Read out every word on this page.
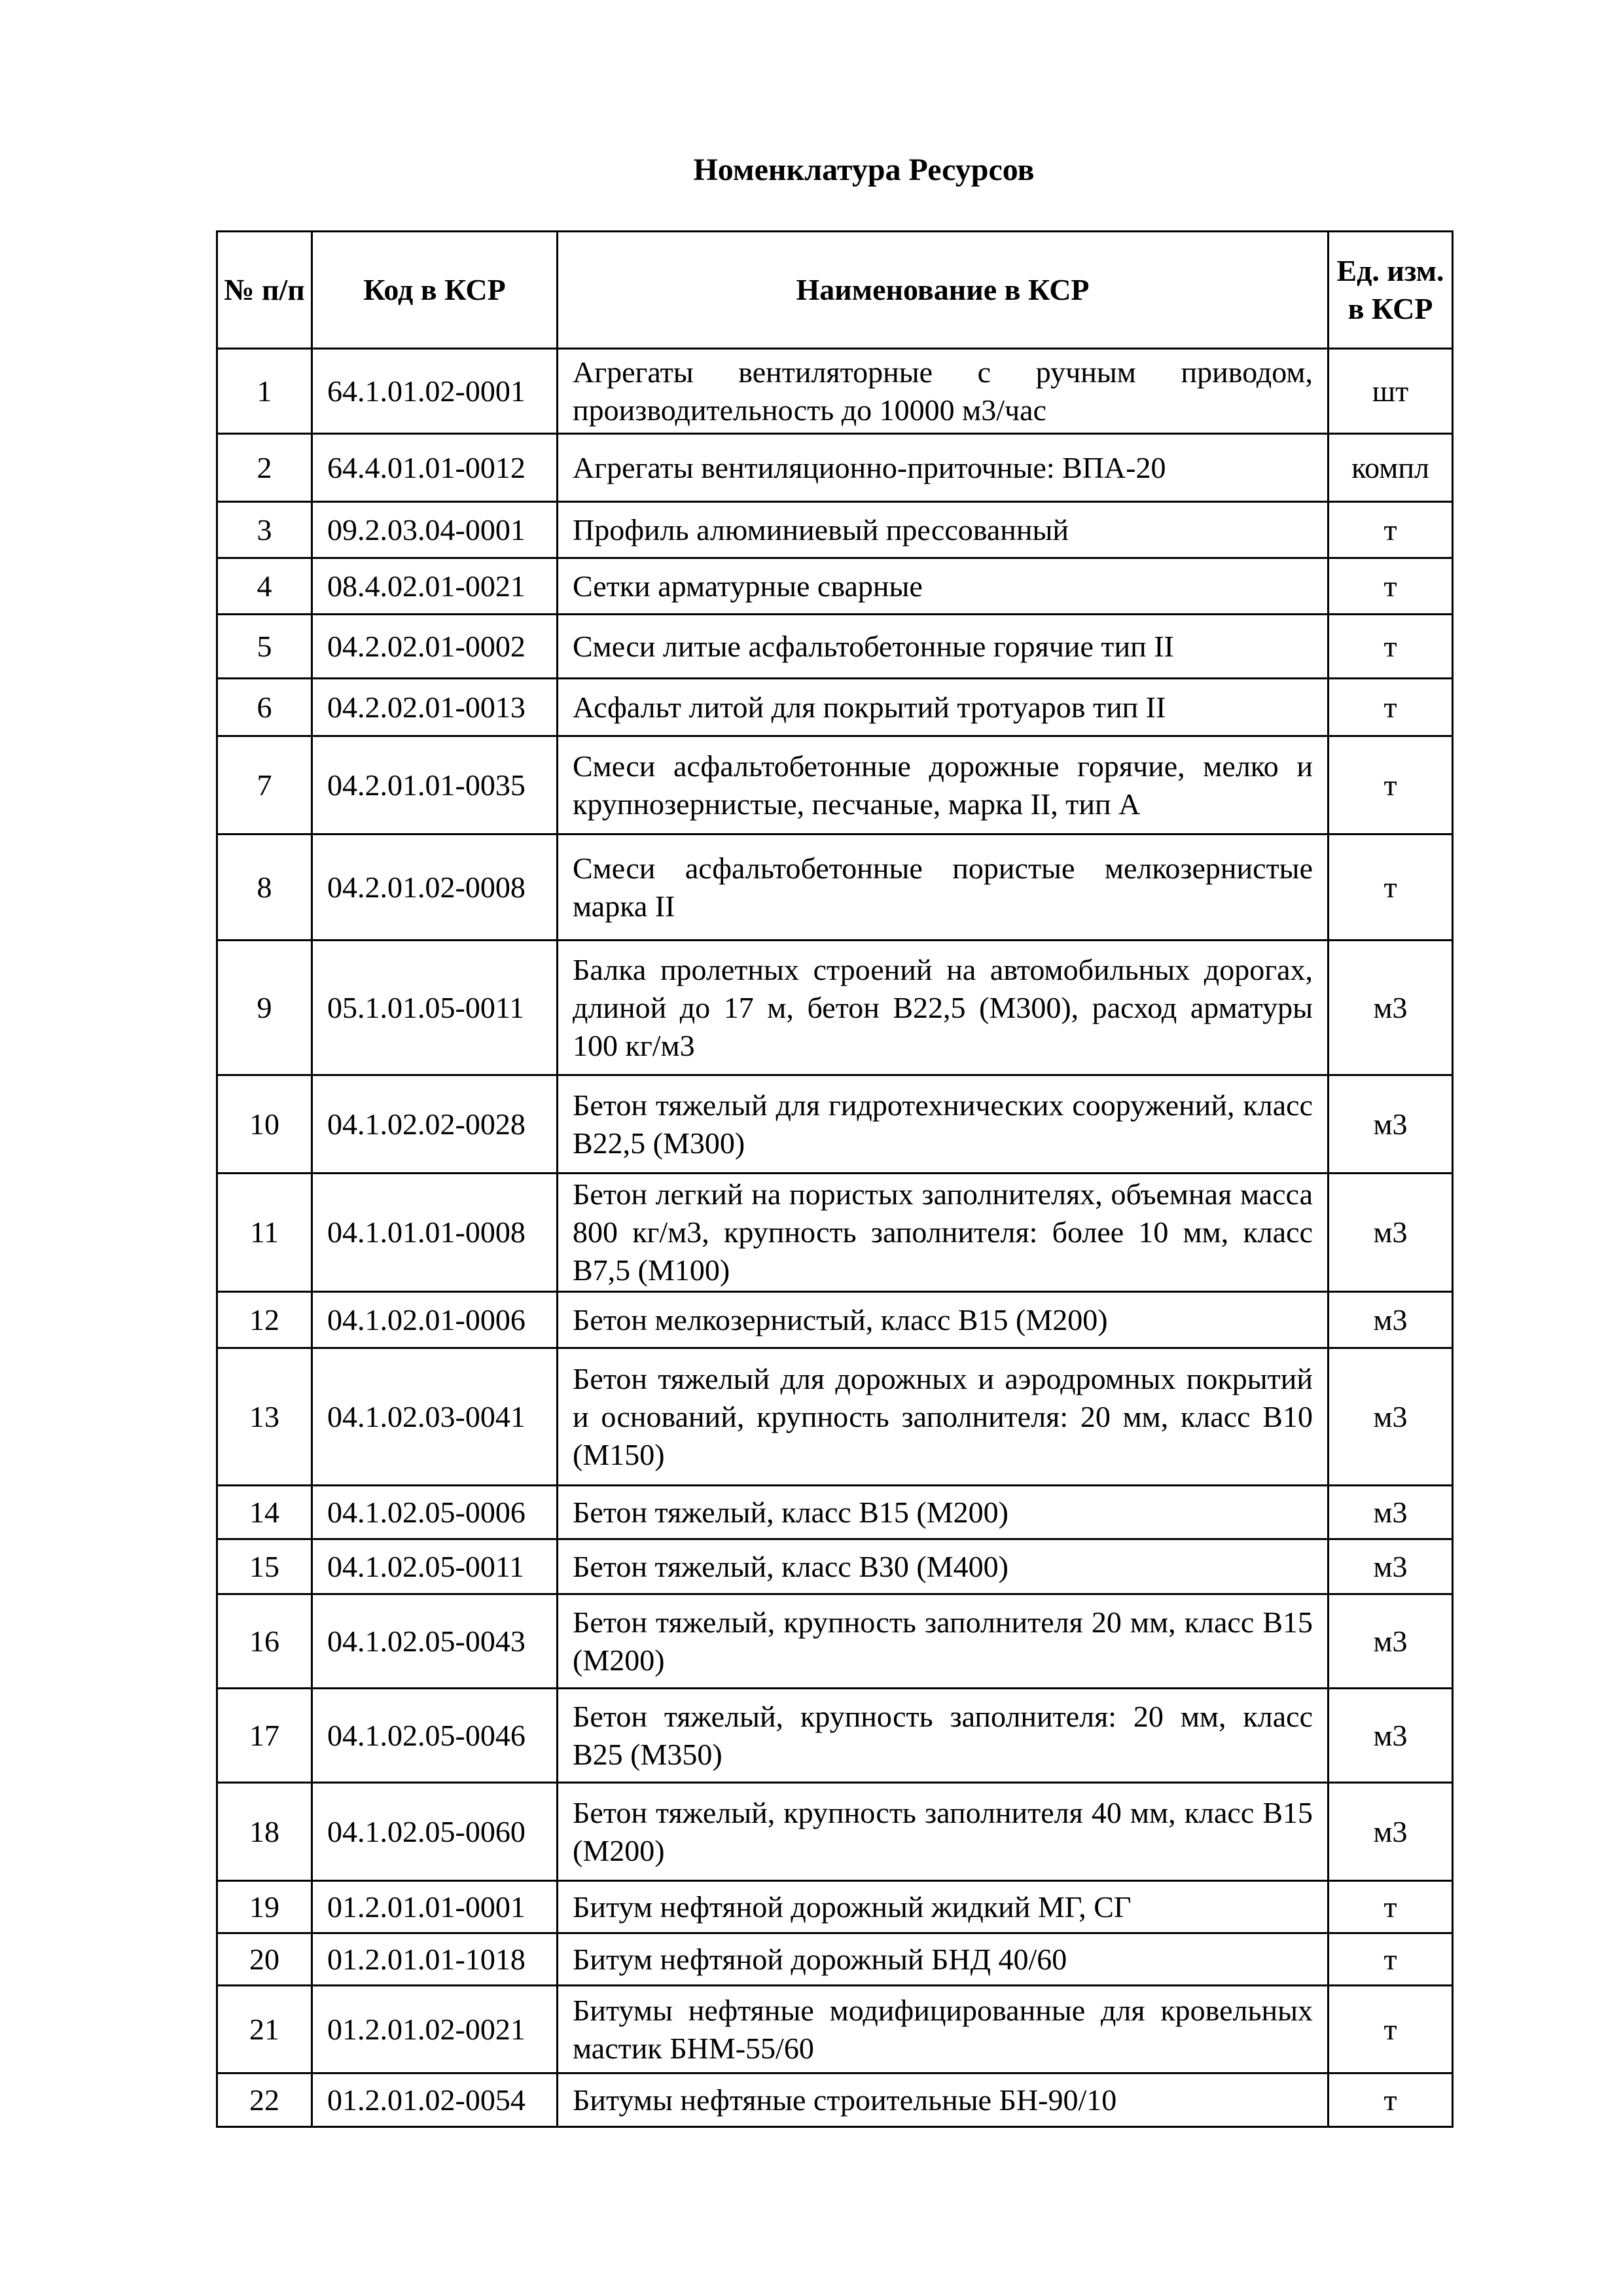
Номенклатура Ресурсов
№ п/п	Код в КСР	Наименование в КСР	Ед. изм. в КСР
1	64.1.01.02-0001	Агрегаты вентиляторные с ручным приводом, производительность до 10000 м3/час	шт
2	64.4.01.01-0012	Агрегаты вентиляционно-приточные: ВПА-20	компл
3	09.2.03.04-0001	Профиль алюминиевый прессованный	т
4	08.4.02.01-0021	Сетки арматурные сварные	т
5	04.2.02.01-0002	Смеси литые асфальтобетонные горячие тип II	т
6	04.2.02.01-0013	Асфальт литой для покрытий тротуаров тип II	т
7	04.2.01.01-0035	Смеси асфальтобетонные дорожные горячие, мелко и крупнозернистые, песчаные, марка II, тип А	т
8	04.2.01.02-0008	Смеси асфальтобетонные пористые мелкозернистые марка II	т
9	05.1.01.05-0011	Балка пролетных строений на автомобильных дорогах, длиной до 17 м, бетон В22,5 (М300), расход арматуры 100 кг/м3	м3
10	04.1.02.02-0028	Бетон тяжелый для гидротехнических сооружений, класс В22,5 (М300)	м3
11	04.1.01.01-0008	Бетон легкий на пористых заполнителях, объемная масса 800 кг/м3, крупность заполнителя: более 10 мм, класс В7,5 (М100)	м3
12	04.1.02.01-0006	Бетон мелкозернистый, класс В15 (М200)	м3
13	04.1.02.03-0041	Бетон тяжелый для дорожных и аэродромных покрытий и оснований, крупность заполнителя: 20 мм, класс В10 (М150)	м3
14	04.1.02.05-0006	Бетон тяжелый, класс В15 (М200)	м3
15	04.1.02.05-0011	Бетон тяжелый, класс В30 (М400)	м3
16	04.1.02.05-0043	Бетон тяжелый, крупность заполнителя 20 мм, класс В15 (М200)	м3
17	04.1.02.05-0046	Бетон тяжелый, крупность заполнителя: 20 мм, класс В25 (М350)	м3
18	04.1.02.05-0060	Бетон тяжелый, крупность заполнителя 40 мм, класс В15 (М200)	м3
19	01.2.01.01-0001	Битум нефтяной дорожный жидкий МГ, СГ	т
20	01.2.01.01-1018	Битум нефтяной дорожный БНД 40/60	т
21	01.2.01.02-0021	Битумы нефтяные модифицированные для кровельных мастик БНМ-55/60	т
22	01.2.01.02-0054	Битумы нефтяные строительные БН-90/10	т
